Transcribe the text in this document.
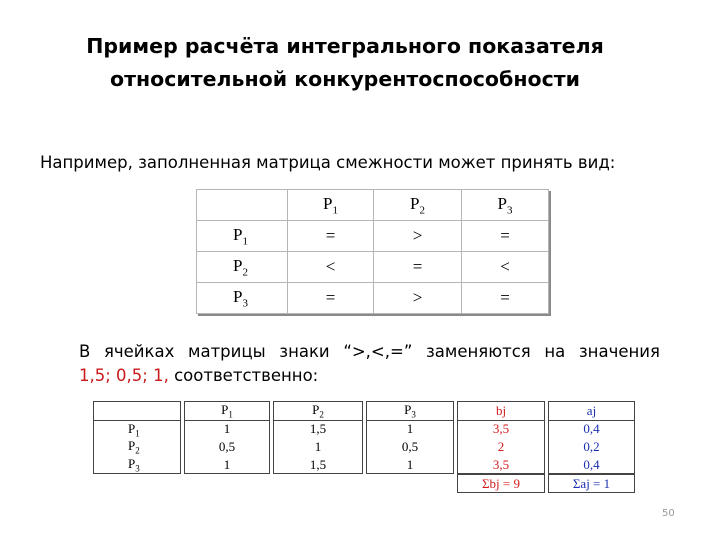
Пример расчёта интегрального показателя
относительной конкурентоспособности
Например, заполненная матрица смежности может принять вид:
	$P_1$	$P_2$	$P_3$
$P_1$	=	>	=
$P_2$	<	=	<
$P_3$	=	>	=
В ячейках матрицы знаки “>,<,=” заменяются на значения
1,5; 0,5; 1, соответственно:
	$P_1$	$P_2$	$P_3$	bj	aj
$P_1$	1	1,5	1	3,5	0,4
$P_2$	0,5	1	0,5	2	0,2
$P_3$	1	1,5	1	3,5	0,4
				Σbj = 9	Σaj = 1
50
